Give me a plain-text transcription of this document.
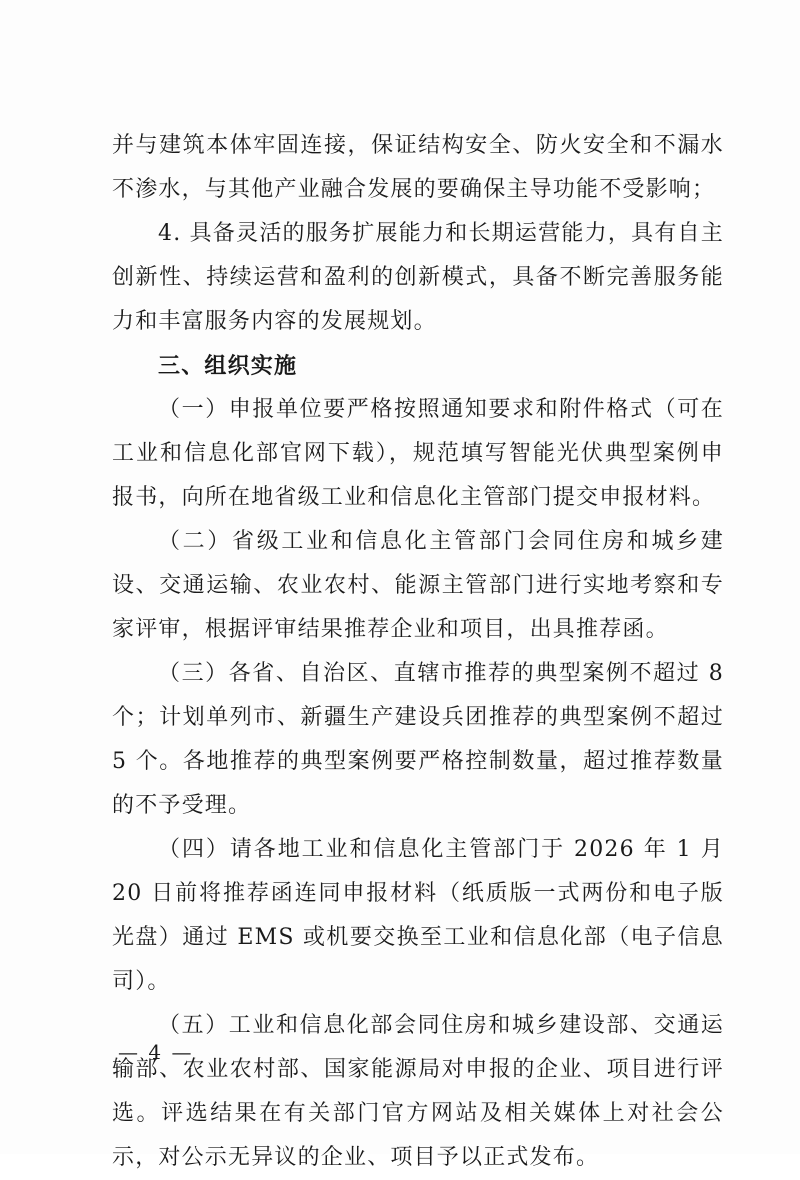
并与建筑本体牢固连接，保证结构安全、防火安全和不漏水不渗水，与其他产业融合发展的要确保主导功能不受影响；

4. 具备灵活的服务扩展能力和长期运营能力，具有自主创新性、持续运营和盈利的创新模式，具备不断完善服务能力和丰富服务内容的发展规划。

三、组织实施

（一）申报单位要严格按照通知要求和附件格式（可在工业和信息化部官网下载），规范填写智能光伏典型案例申报书，向所在地省级工业和信息化主管部门提交申报材料。

（二）省级工业和信息化主管部门会同住房和城乡建设、交通运输、农业农村、能源主管部门进行实地考察和专家评审，根据评审结果推荐企业和项目，出具推荐函。

（三）各省、自治区、直辖市推荐的典型案例不超过 8 个；计划单列市、新疆生产建设兵团推荐的典型案例不超过 5 个。各地推荐的典型案例要严格控制数量，超过推荐数量的不予受理。

（四）请各地工业和信息化主管部门于 2026 年 1 月 20 日前将推荐函连同申报材料（纸质版一式两份和电子版光盘）通过 EMS 或机要交换至工业和信息化部（电子信息司）。

（五）工业和信息化部会同住房和城乡建设部、交通运输部、农业农村部、国家能源局对申报的企业、项目进行评选。评选结果在有关部门官方网站及相关媒体上对社会公示，对公示无异议的企业、项目予以正式发布。

— 4 —
